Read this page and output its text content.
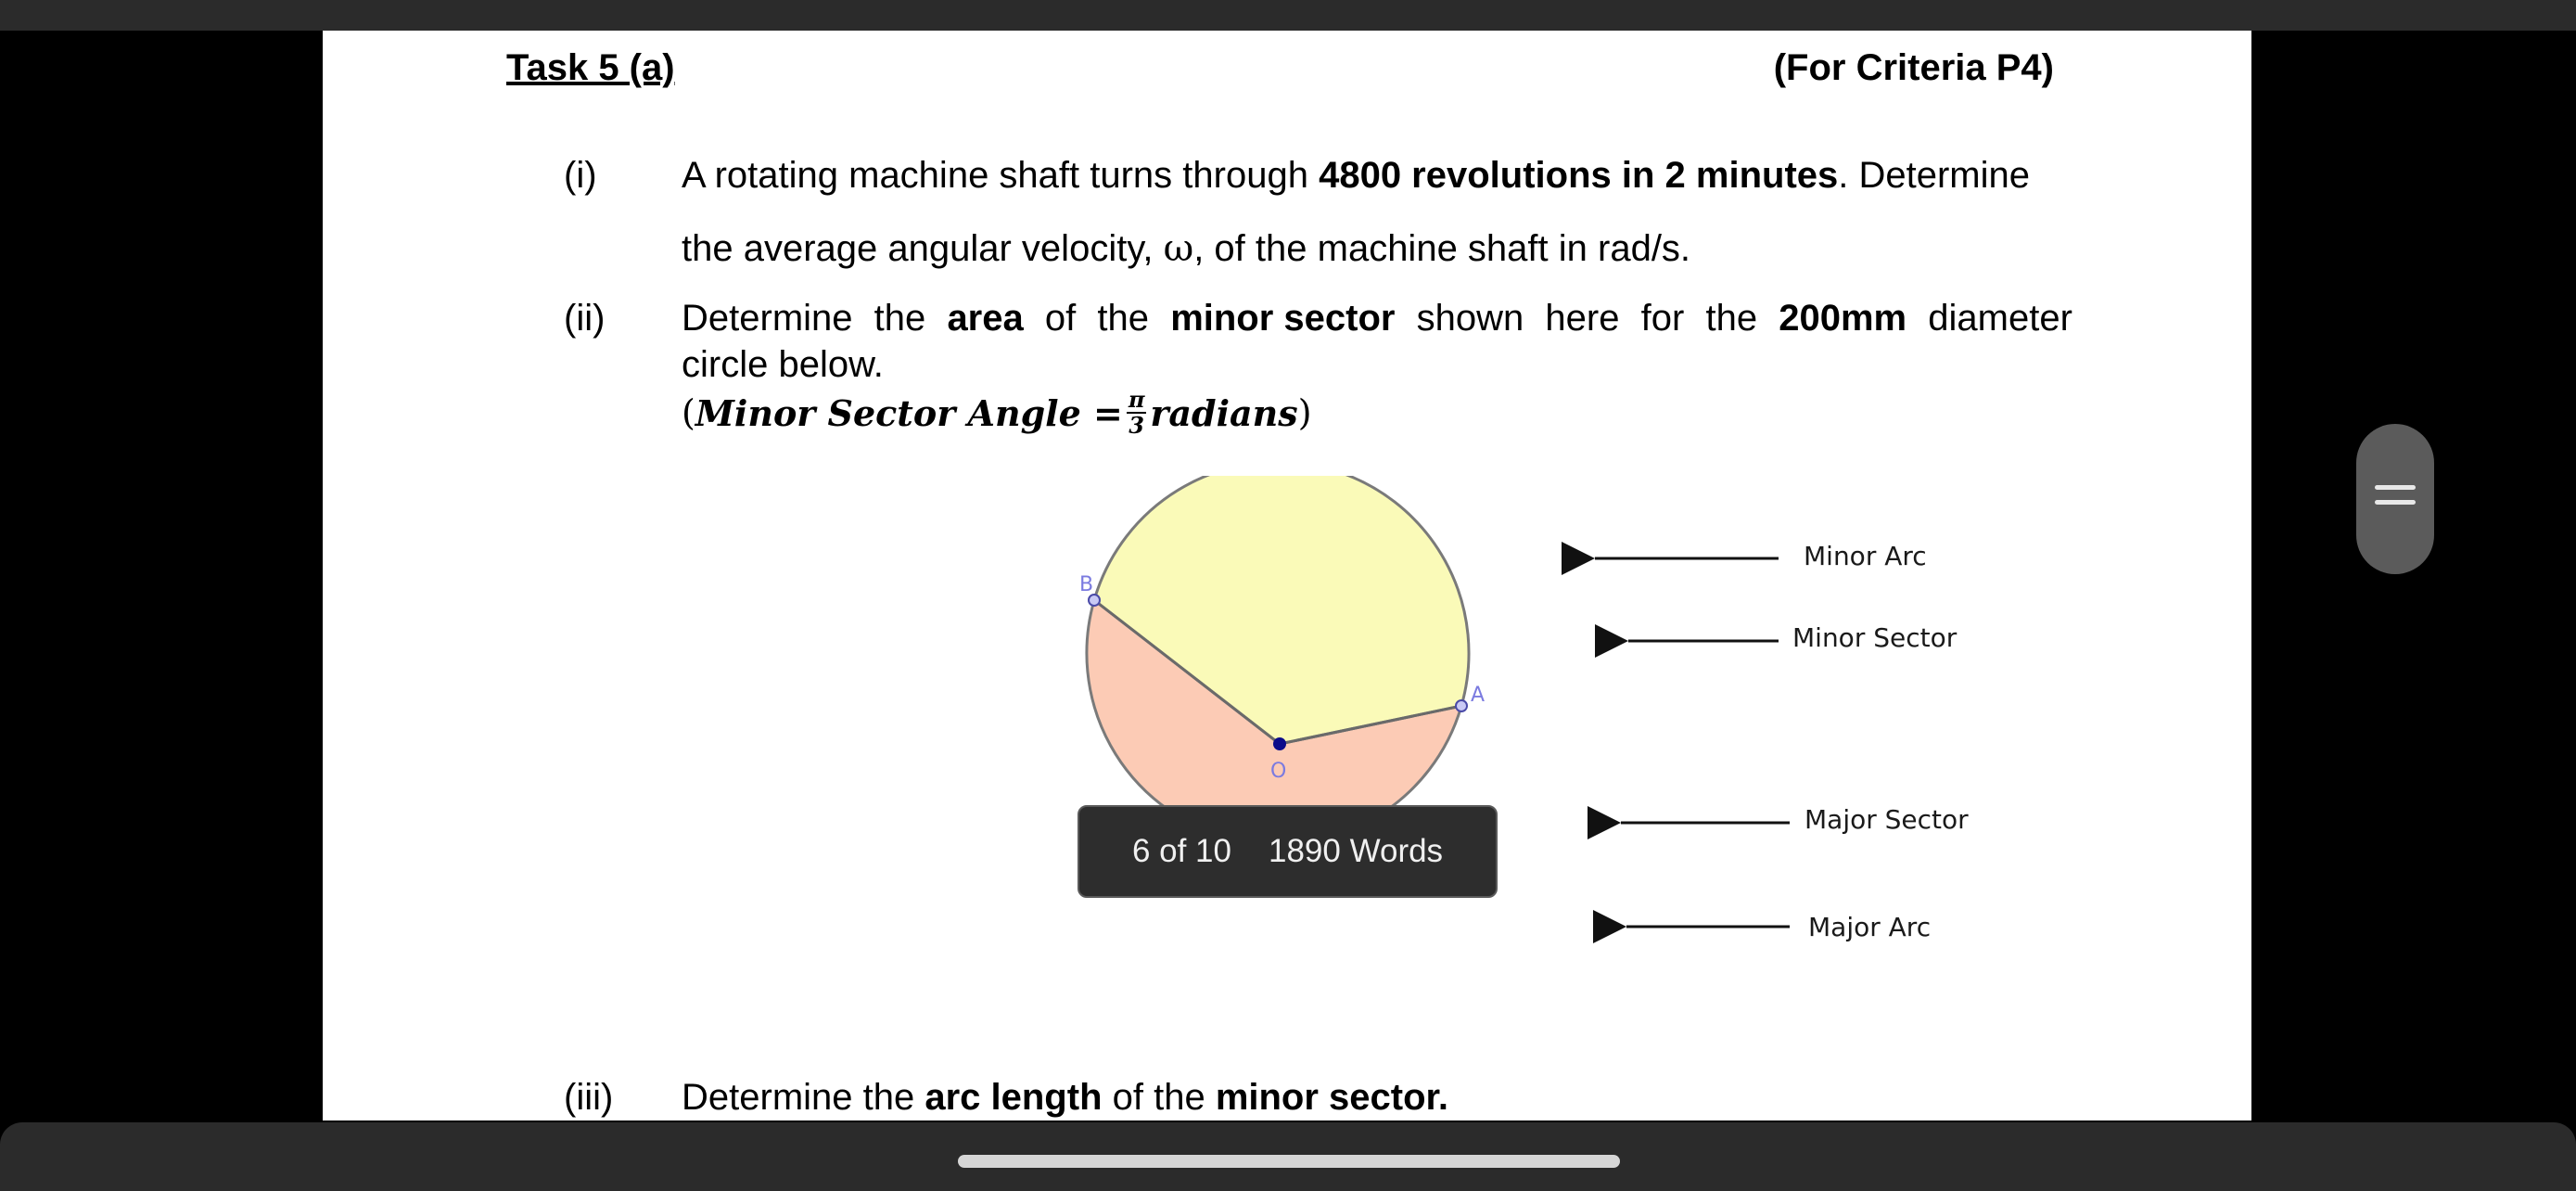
Task 5 (a)	(For Criteria P4)
(i) A rotating machine shaft turns through 4800 revolutions in 2 minutes. Determine
the average angular velocity, ω, of the machine shaft in rad/s.
(ii) Determine the area of the minor sector shown here for the 200mm diameter
circle below.
( Minor Sector Angle = $\frac{\pi}{3}$ radians )
(iii) Determine the arc length of the minor sector.
B
A
O
Minor Arc
Minor Sector
Major Sector
Major Arc
6 of 10 1890 Words
